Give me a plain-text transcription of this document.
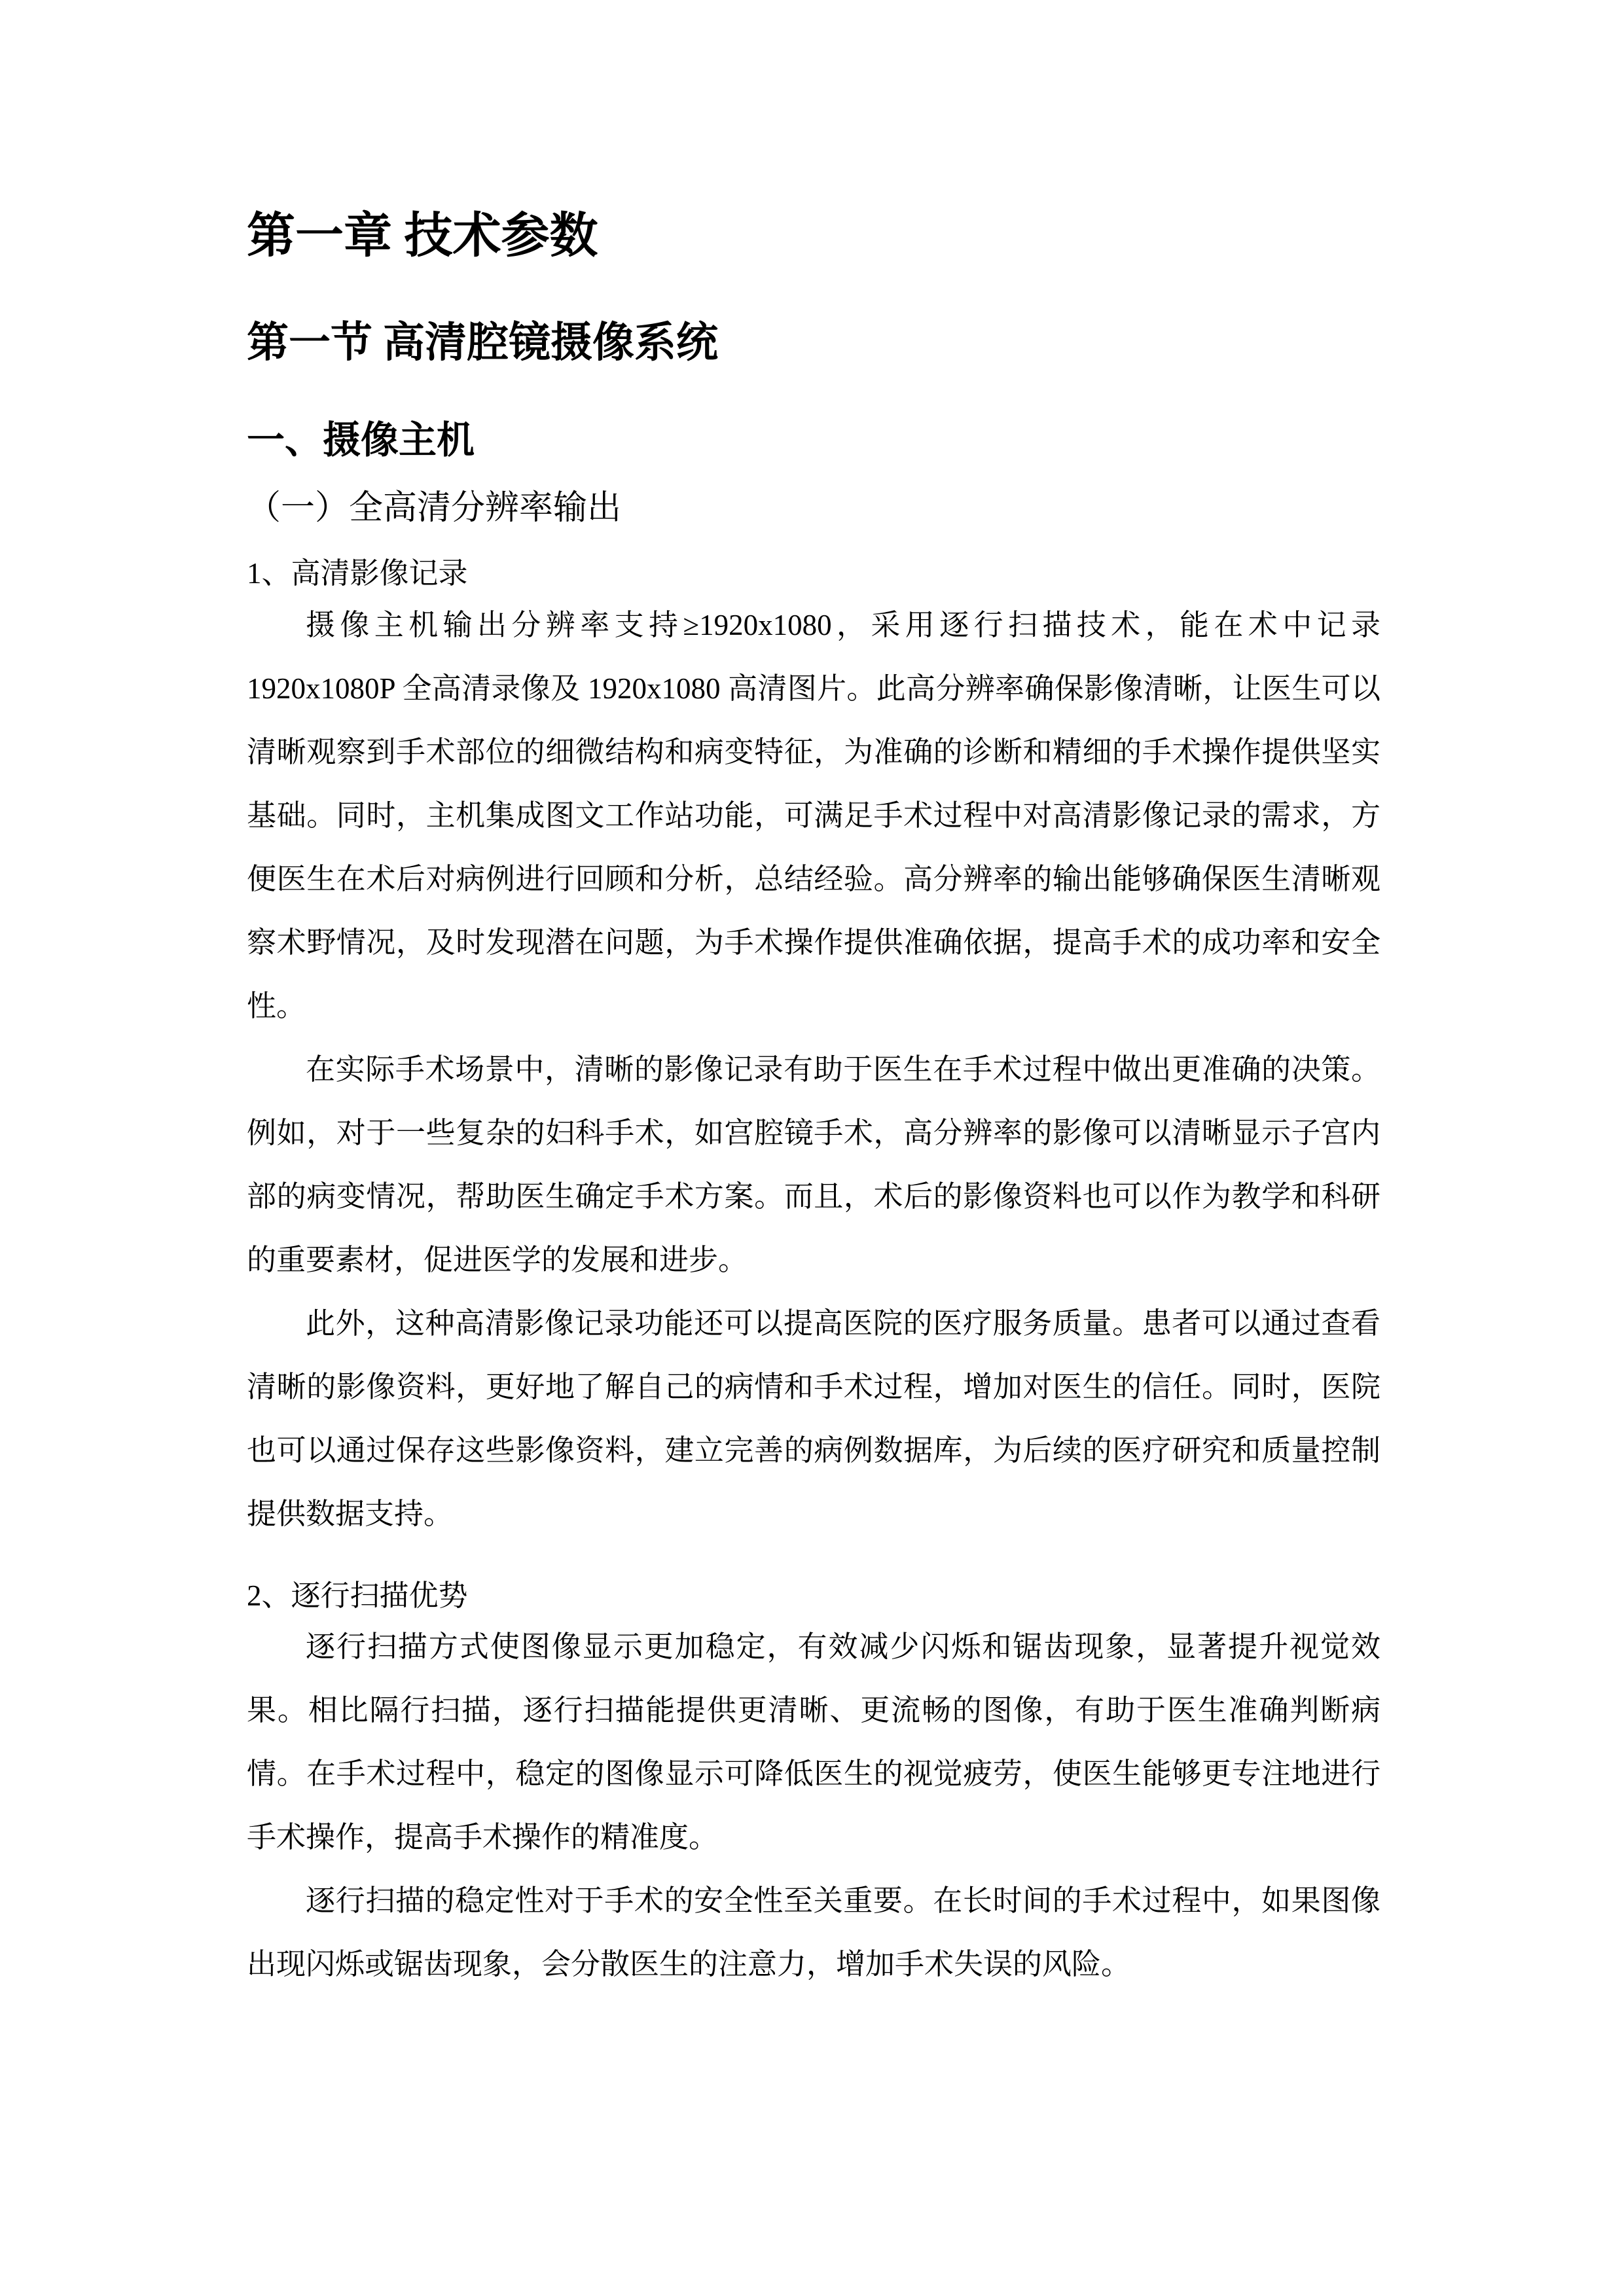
第一章 技术参数
第一节 高清腔镜摄像系统
一、摄像主机
（一）全高清分辨率输出
1、高清影像记录

摄像主机输出分辨率支持≥1920x1080，采用逐行扫描技术，能在术中记录1920x1080P 全高清录像及 1920x1080 高清图片。此高分辨率确保影像清晰，让医生可以清晰观察到手术部位的细微结构和病变特征，为准确的诊断和精细的手术操作提供坚实基础。同时，主机集成图文工作站功能，可满足手术过程中对高清影像记录的需求，方便医生在术后对病例进行回顾和分析，总结经验。高分辨率的输出能够确保医生清晰观察术野情况，及时发现潜在问题，为手术操作提供准确依据，提高手术的成功率和安全性。

在实际手术场景中，清晰的影像记录有助于医生在手术过程中做出更准确的决策。例如，对于一些复杂的妇科手术，如宫腔镜手术，高分辨率的影像可以清晰显示子宫内部的病变情况，帮助医生确定手术方案。而且，术后的影像资料也可以作为教学和科研的重要素材，促进医学的发展和进步。

此外，这种高清影像记录功能还可以提高医院的医疗服务质量。患者可以通过查看清晰的影像资料，更好地了解自己的病情和手术过程，增加对医生的信任。同时，医院也可以通过保存这些影像资料，建立完善的病例数据库，为后续的医疗研究和质量控制提供数据支持。

2、逐行扫描优势

逐行扫描方式使图像显示更加稳定，有效减少闪烁和锯齿现象，显著提升视觉效果。相比隔行扫描，逐行扫描能提供更清晰、更流畅的图像，有助于医生准确判断病情。在手术过程中，稳定的图像显示可降低医生的视觉疲劳，使医生能够更专注地进行手术操作，提高手术操作的精准度。

逐行扫描的稳定性对于手术的安全性至关重要。在长时间的手术过程中，如果图像出现闪烁或锯齿现象，会分散医生的注意力，增加手术失误的风险。
